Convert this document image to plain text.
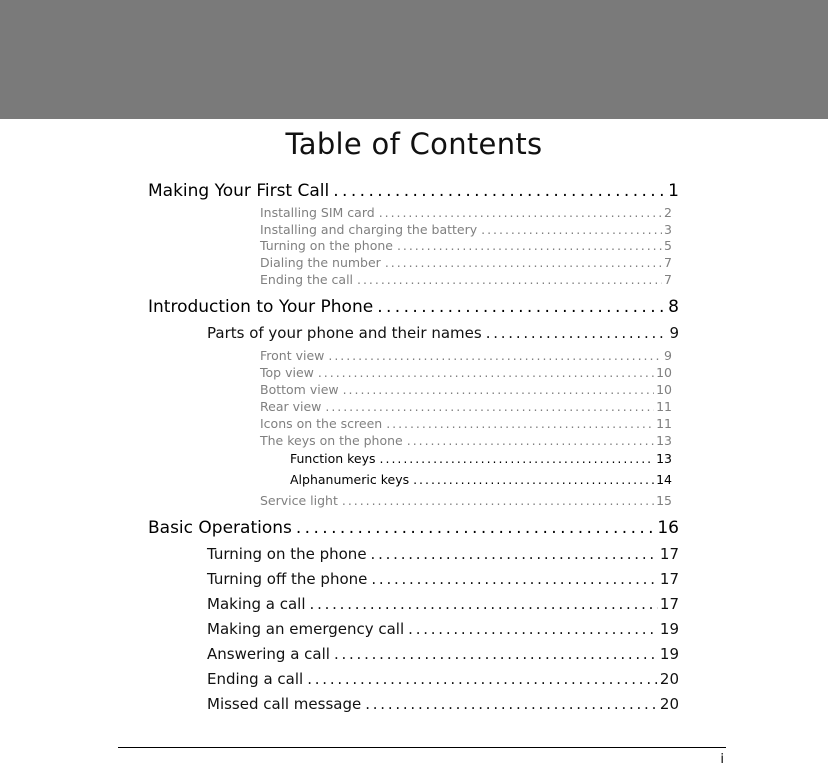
Table of Contents
Making Your First Call . . .	1
Installing SIM card . . .	2
Installing and charging the battery . . .	3
Turning on the phone . . .	5
Dialing the number . . .	7
Ending the call . . .	7
Introduction to Your Phone . . .	8
Parts of your phone and their names . . .	9
Front view . . .	9
Top view . . .	10
Bottom view . . .	10
Rear view . . .	11
Icons on the screen . . .	11
The keys on the phone . . .	13
Function keys . . .	13
Alphanumeric keys . . .	14
Service light . . .	15
Basic Operations . . .	16
Turning on the phone . . .	17
Turning off the phone . . .	17
Making a call . . .	17
Making an emergency call . . .	19
Answering a call . . .	19
Ending a call . . .	20
Missed call message . . .	20
i
